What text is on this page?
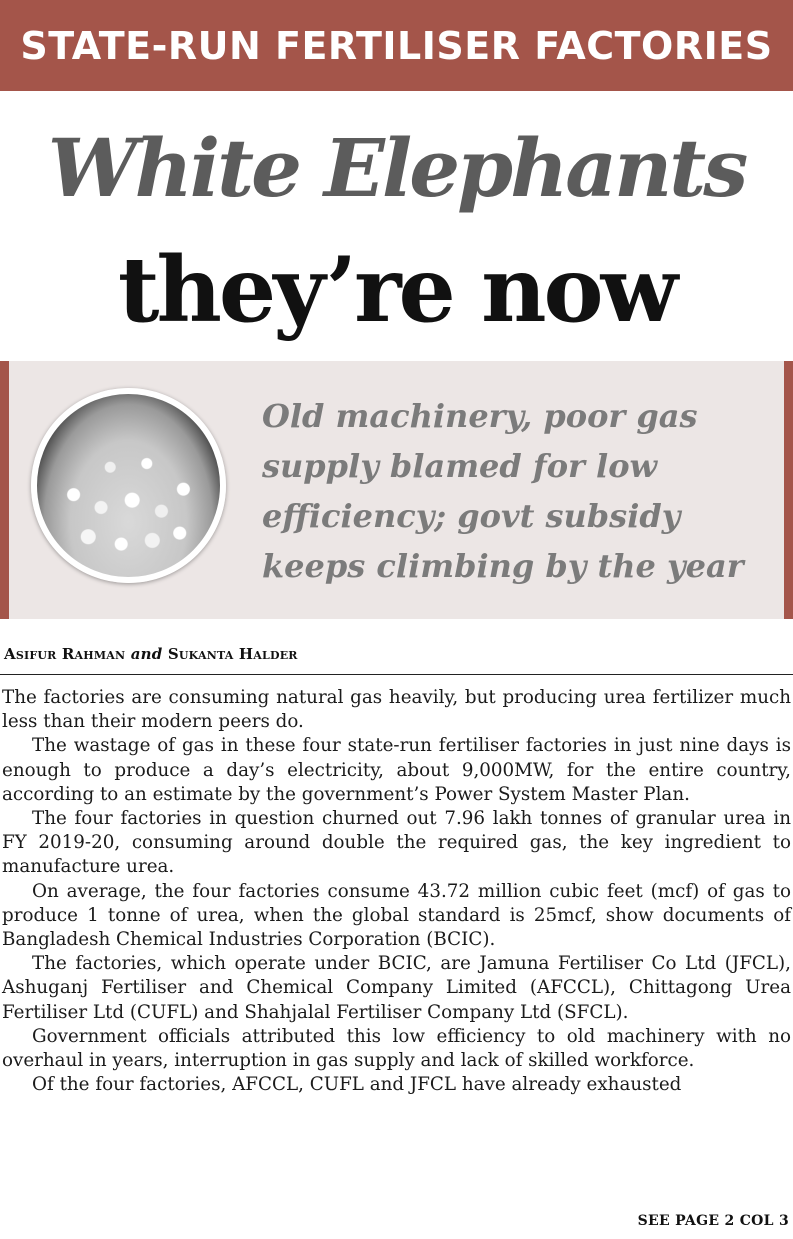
STATE-RUN FERTILISER FACTORIES
White Elephants
they’re now
Old machinery, poor gas supply blamed for low efficiency; govt subsidy keeps climbing by the year
Asifur Rahman and Sukanta Halder

The factories are consuming natural gas heavily, but producing urea fertilizer much less than their modern peers do.

The wastage of gas in these four state-run fertiliser factories in just nine days is enough to produce a day’s electricity, about 9,000MW, for the entire country, according to an estimate by the government’s Power System Master Plan.

The four factories in question churned out 7.96 lakh tonnes of granular urea in FY 2019-20, consuming around double the required gas, the key ingredient to manufacture urea.

On average, the four factories consume 43.72 million cubic feet (mcf) of gas to produce 1 tonne of urea, when the global standard is 25mcf, show documents of Bangladesh Chemical Industries Corporation (BCIC).

The factories, which operate under BCIC, are Jamuna Fertiliser Co Ltd (JFCL), Ashuganj Fertiliser and Chemical Company Limited (AFCCL), Chittagong Urea Fertiliser Ltd (CUFL) and Shahjalal Fertiliser Company Ltd (SFCL).

Government officials attributed this low efficiency to old machinery with no overhaul in years, interruption in gas supply and lack of skilled workforce.

Of the four factories, AFCCL, CUFL and JFCL have already exhausted

SEE PAGE 2 COL 3
